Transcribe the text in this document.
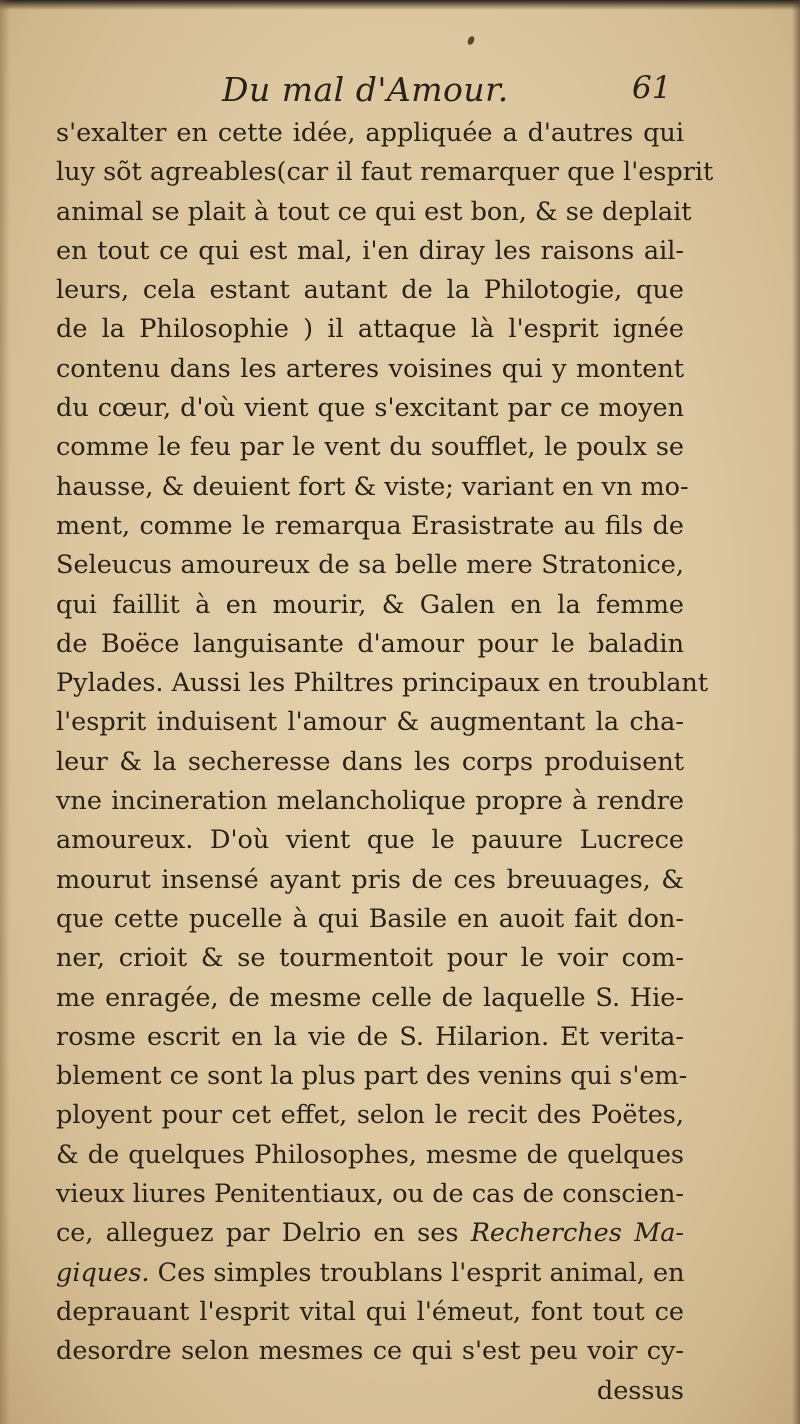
Du mal d'Amour.	61
s'exalter en cette idée, appliquée a d'autres qui
luy sõt agreables(car il faut remarquer que l'esprit
animal se plait à tout ce qui est bon, & se deplait
en tout ce qui est mal, i'en diray les raisons ail-
leurs, cela estant autant de la Philotogie, que
de la Philosophie ) il attaque là l'esprit ignée
contenu dans les arteres voisines qui y montent
du cœur, d'où vient que s'excitant par ce moyen
comme le feu par le vent du soufflet, le poulx se
hausse, & deuient fort & viste; variant en vn mo-
ment, comme le remarqua Erasistrate au fils de
Seleucus amoureux de sa belle mere Stratonice,
qui faillit à en mourir, & Galen en la femme
de Boëce languisante d'amour pour le baladin
Pylades. Aussi les Philtres principaux en troublant
l'esprit induisent l'amour & augmentant la cha-
leur & la secheresse dans les corps produisent
vne incineration melancholique propre à rendre
amoureux. D'où vient que le pauure Lucrece
mourut insensé ayant pris de ces breuuages, &
que cette pucelle à qui Basile en auoit fait don-
ner, crioit & se tourmentoit pour le voir com-
me enragée, de mesme celle de laquelle S. Hie-
rosme escrit en la vie de S. Hilarion. Et verita-
blement ce sont la plus part des venins qui s'em-
ployent pour cet effet, selon le recit des Poëtes,
& de quelques Philosophes, mesme de quelques
vieux liures Penitentiaux, ou de cas de conscien-
ce, alleguez par Delrio en ses Recherches Ma-
giques. Ces simples troublans l'esprit animal, en
deprauant l'esprit vital qui l'émeut, font tout ce
desordre selon mesmes ce qui s'est peu voir cy-
dessus
